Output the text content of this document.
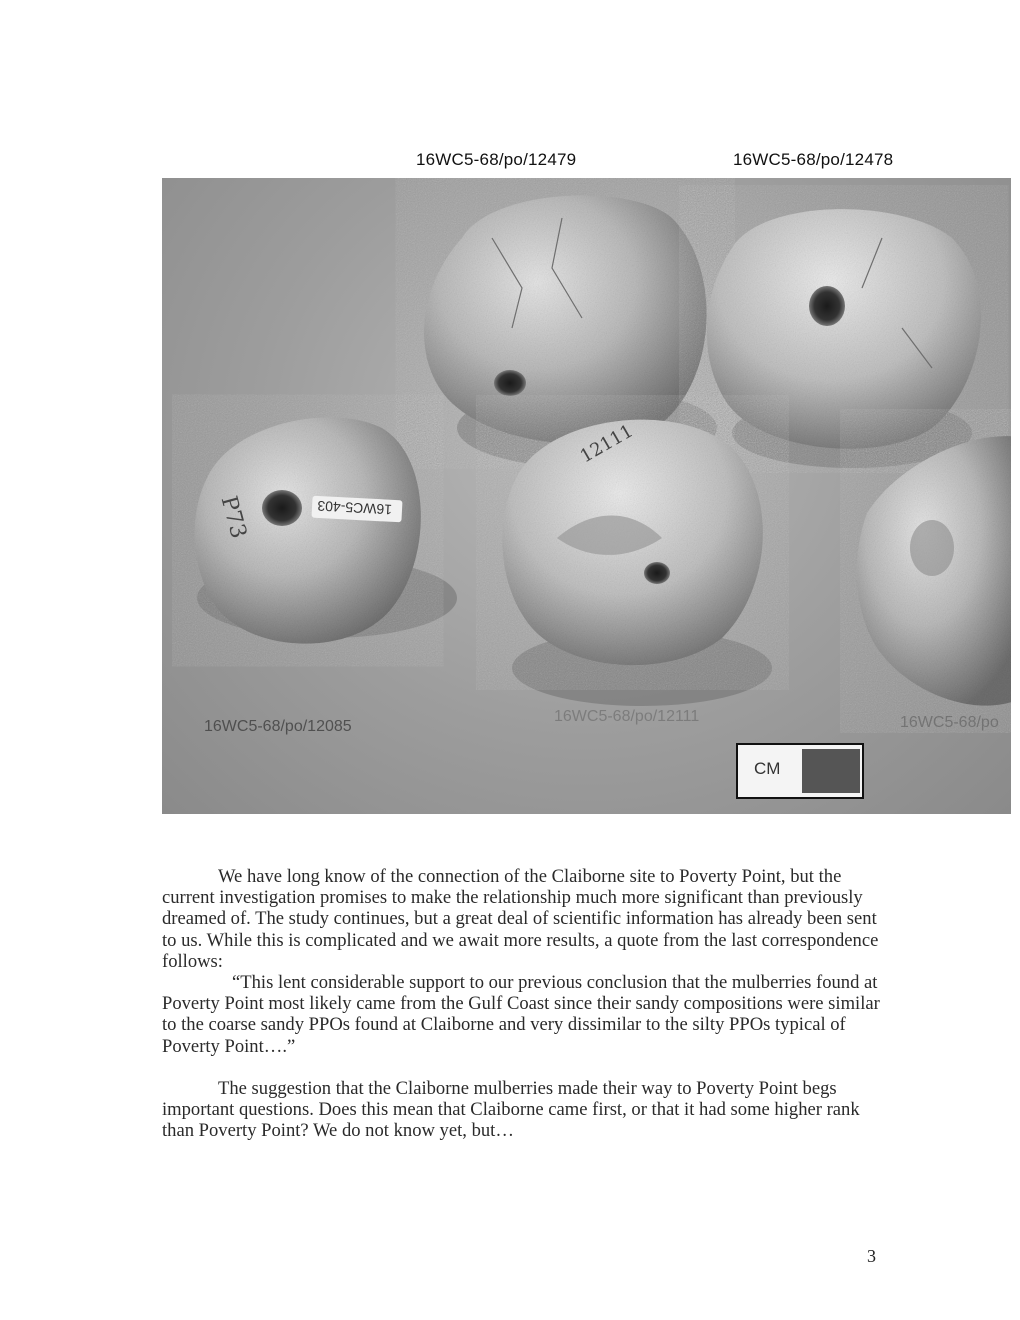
16WC5-68/po/12479	16WC5-68/po/12478
16WC5-403
P73
12111
16WC5-68/po/12085
16WC5-68/po/12111	16WC5-68/po
CM

We have long know of the connection of the Claiborne site to Poverty Point, but the current investigation promises to make the relationship much more significant than previously dreamed of. The study continues, but a great deal of scientific information has already been sent to us. While this is complicated and we await more results, a quote from the last correspondence follows:

“This lent considerable support to our previous conclusion that the mulberries found at Poverty Point most likely came from the Gulf Coast since their sandy compositions were similar to the coarse sandy PPOs found at Claiborne and very dissimilar to the silty PPOs typical of Poverty Point….”

The suggestion that the Claiborne mulberries made their way to Poverty Point begs important questions. Does this mean that Claiborne came first, or that it had some higher rank than Poverty Point? We do not know yet, but…

3
